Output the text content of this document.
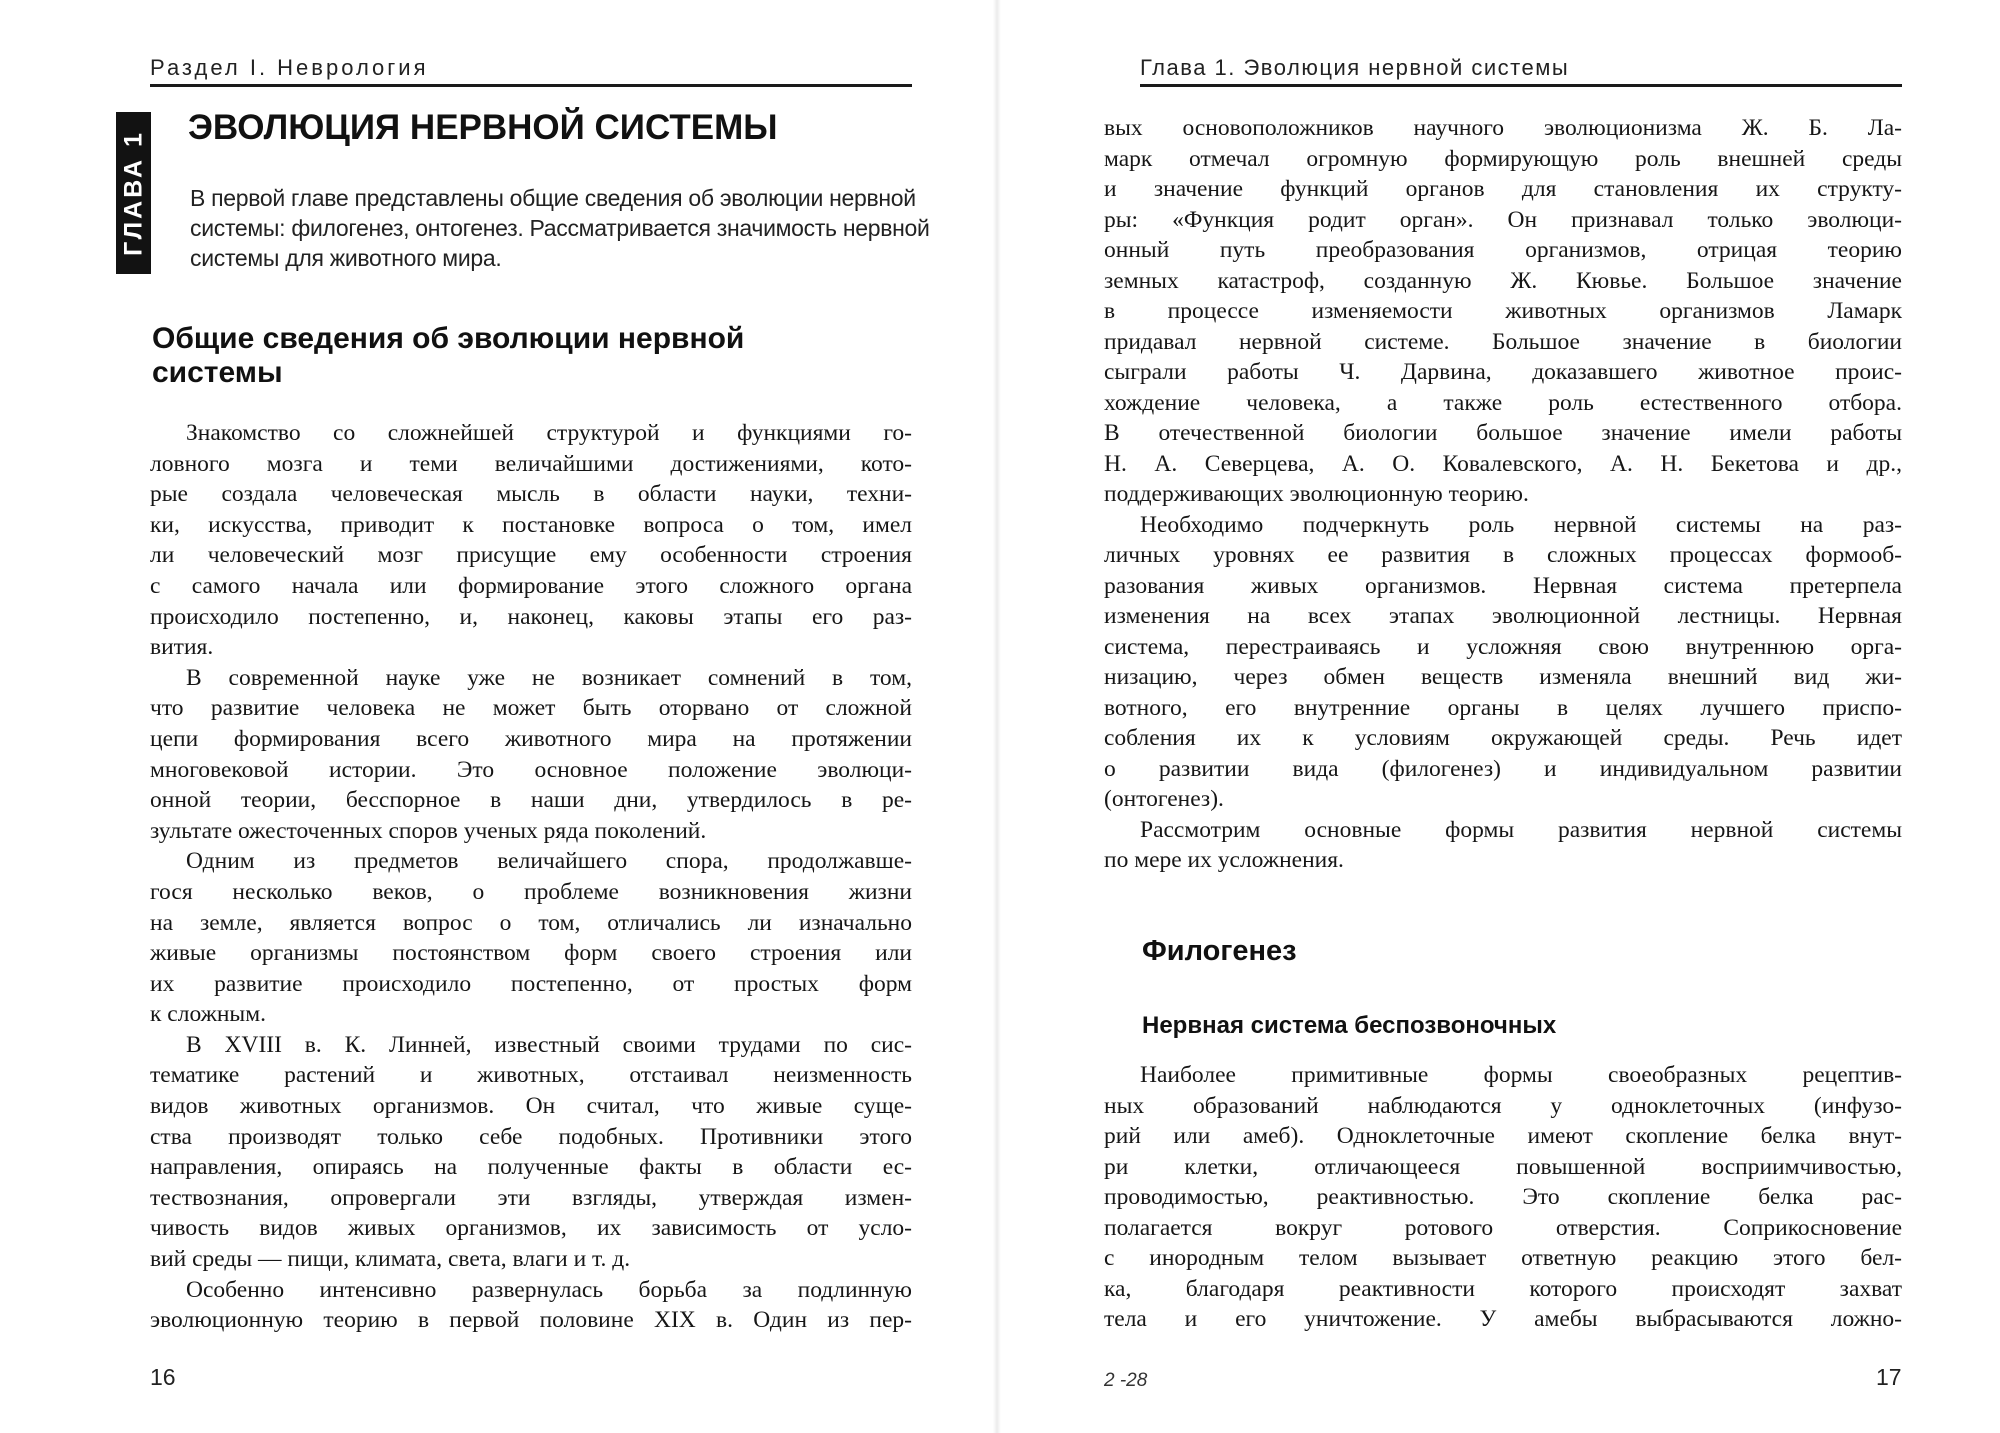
Раздел I. Неврология
ГЛАВА 1
ЭВОЛЮЦИЯ НЕРВНОЙ СИСТЕМЫ
В первой главе представлены общие сведения об эволюции нервной
системы: филогенез, онтогенез. Рассматривается значимость нервной
системы для животного мира.
Общие сведения об эволюции нервной
системы
Знакомство со сложнейшей структурой и функциями го-
ловного мозга и теми величайшими достижениями, кото-
рые создала человеческая мысль в области науки, техни-
ки, искусства, приводит к постановке вопроса о том, имел
ли человеческий мозг присущие ему особенности строения
с самого начала или формирование этого сложного органа
происходило постепенно, и, наконец, каковы этапы его раз-
вития.
В современной науке уже не возникает сомнений в том,
что развитие человека не может быть оторвано от сложной
цепи формирования всего животного мира на протяжении
многовековой истории. Это основное положение эволюци-
онной теории, бесспорное в наши дни, утвердилось в ре-
зультате ожесточенных споров ученых ряда поколений.
Одним из предметов величайшего спора, продолжавше-
гося несколько веков, о проблеме возникновения жизни
на земле, является вопрос о том, отличались ли изначально
живые организмы постоянством форм своего строения или
их развитие происходило постепенно, от простых форм
к сложным.
В XVIII в. К. Линней, известный своими трудами по сис-
тематике растений и животных, отстаивал неизменность
видов животных организмов. Он считал, что живые суще-
ства производят только себе подобных. Противники этого
направления, опираясь на полученные факты в области ес-
тествознания, опровергали эти взгляды, утверждая измен-
чивость видов живых организмов, их зависимость от усло-
вий среды — пищи, климата, света, влаги и т. д.
Особенно интенсивно развернулась борьба за подлинную
эволюционную теорию в первой половине XIX в. Один из пер-
16
Глава 1. Эволюция нервной системы
вых основоположников научного эволюционизма Ж. Б. Ла-
марк отмечал огромную формирующую роль внешней среды
и значение функций органов для становления их структу-
ры: «Функция родит орган». Он признавал только эволюци-
онный путь преобразования организмов, отрицая теорию
земных катастроф, созданную Ж. Кювье. Большое значение
в процессе изменяемости животных организмов Ламарк
придавал нервной системе. Большое значение в биологии
сыграли работы Ч. Дарвина, доказавшего животное проис-
хождение человека, а также роль естественного отбора.
В отечественной биологии большое значение имели работы
Н. А. Северцева, А. О. Ковалевского, А. Н. Бекетова и др.,
поддерживающих эволюционную теорию.
Необходимо подчеркнуть роль нервной системы на раз-
личных уровнях ее развития в сложных процессах формооб-
разования живых организмов. Нервная система претерпела
изменения на всех этапах эволюционной лестницы. Нервная
система, перестраиваясь и усложняя свою внутреннюю орга-
низацию, через обмен веществ изменяла внешний вид жи-
вотного, его внутренние органы в целях лучшего приспо-
собления их к условиям окружающей среды. Речь идет
о развитии вида (филогенез) и индивидуальном развитии
(онтогенез).
Рассмотрим основные формы развития нервной системы
по мере их усложнения.
Филогенез
Нервная система беспозвоночных
Наиболее примитивные формы своеобразных рецептив-
ных образований наблюдаются у одноклеточных (инфузо-
рий или амеб). Одноклеточные имеют скопление белка внут-
ри клетки, отличающееся повышенной восприимчивостью,
проводимостью, реактивностью. Это скопление белка рас-
полагается вокруг ротового отверстия. Соприкосновение
с инородным телом вызывает ответную реакцию этого бел-
ка, благодаря реактивности которого происходят захват
тела и его уничтожение. У амебы выбрасываются ложно-
2 -28	17
